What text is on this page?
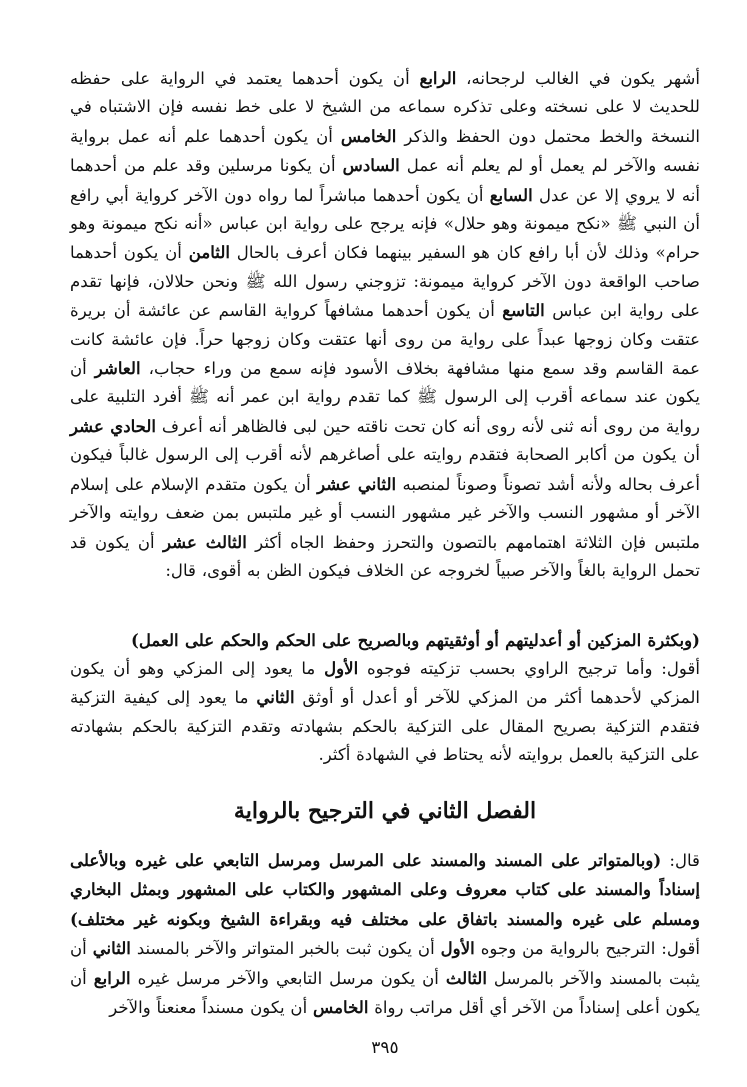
أشهر يكون في الغالب لرجحانه، الرابع أن يكون أحدهما يعتمد في الرواية على حفظه للحديث لا على نسخته وعلى تذكره سماعه من الشيخ لا على خط نفسه فإن الاشتباه في النسخة والخط محتمل دون الحفظ والذكر الخامس أن يكون أحدهما علم أنه عمل برواية نفسه والآخر لم يعمل أو لم يعلم أنه عمل السادس أن يكونا مرسلين وقد علم من أحدهما أنه لا يروي إلا عن عدل السابع أن يكون أحدهما مباشراً لما رواه دون الآخر كرواية أبي رافع أن النبي ﷺ «نكح ميمونة وهو حلال» فإنه يرجح على رواية ابن عباس «أنه نكح ميمونة وهو حرام» وذلك لأن أبا رافع كان هو السفير بينهما فكان أعرف بالحال الثامن أن يكون أحدهما صاحب الواقعة دون الآخر كرواية ميمونة: تزوجني رسول الله ﷺ ونحن حلالان، فإنها تقدم على رواية ابن عباس التاسع أن يكون أحدهما مشافهاً كرواية القاسم عن عائشة أن بريرة عتقت وكان زوجها عبداً على رواية من روى أنها عتقت وكان زوجها حراً. فإن عائشة كانت عمة القاسم وقد سمع منها مشافهة بخلاف الأسود فإنه سمع من وراء حجاب، العاشر أن يكون عند سماعه أقرب إلى الرسول ﷺ كما تقدم رواية ابن عمر أنه ﷺ أفرد التلبية على رواية من روى أنه ثنى لأنه روى أنه كان تحت ناقته حين لبى فالظاهر أنه أعرف الحادي عشر أن يكون من أكابر الصحابة فتقدم روايته على أصاغرهم لأنه أقرب إلى الرسول غالباً فيكون أعرف بحاله ولأنه أشد تصوناً وصوناً لمنصبه الثاني عشر أن يكون متقدم الإسلام على إسلام الآخر أو مشهور النسب والآخر غير مشهور النسب أو غير ملتبس بمن ضعف روايته والآخر ملتبس فإن الثلاثة اهتمامهم بالتصون والتحرز وحفظ الجاه أكثر الثالث عشر أن يكون قد تحمل الرواية بالغاً والآخر صبياً لخروجه عن الخلاف فيكون الظن به أقوى، قال:

(وبكثرة المزكين أو أعدليتهم أو أوثقيتهم وبالصريح على الحكم والحكم على العمل)

أقول: وأما ترجيح الراوي بحسب تزكيته فوجوه الأول ما يعود إلى المزكي وهو أن يكون المزكي لأحدهما أكثر من المزكي للآخر أو أعدل أو أوثق الثاني ما يعود إلى كيفية التزكية فتقدم التزكية بصريح المقال على التزكية بالحكم بشهادته وتقدم التزكية بالحكم بشهادته على التزكية بالعمل بروايته لأنه يحتاط في الشهادة أكثر.

الفصل الثاني في الترجيح بالرواية

قال: (وبالمتواتر على المسند والمسند على المرسل ومرسل التابعي على غيره وبالأعلى إسناداً والمسند على كتاب معروف وعلى المشهور والكتاب على المشهور وبمثل البخاري ومسلم على غيره والمسند باتفاق على مختلف فيه وبقراءة الشيخ وبكونه غير مختلف) أقول: الترجيح بالرواية من وجوه الأول أن يكون ثبت بالخبر المتواتر والآخر بالمسند الثاني أن يثبت بالمسند والآخر بالمرسل الثالث أن يكون مرسل التابعي والآخر مرسل غيره الرابع أن يكون أعلى إسناداً من الآخر أي أقل مراتب رواة الخامس أن يكون مسنداً معنعناً والآخر

٣٩٥
